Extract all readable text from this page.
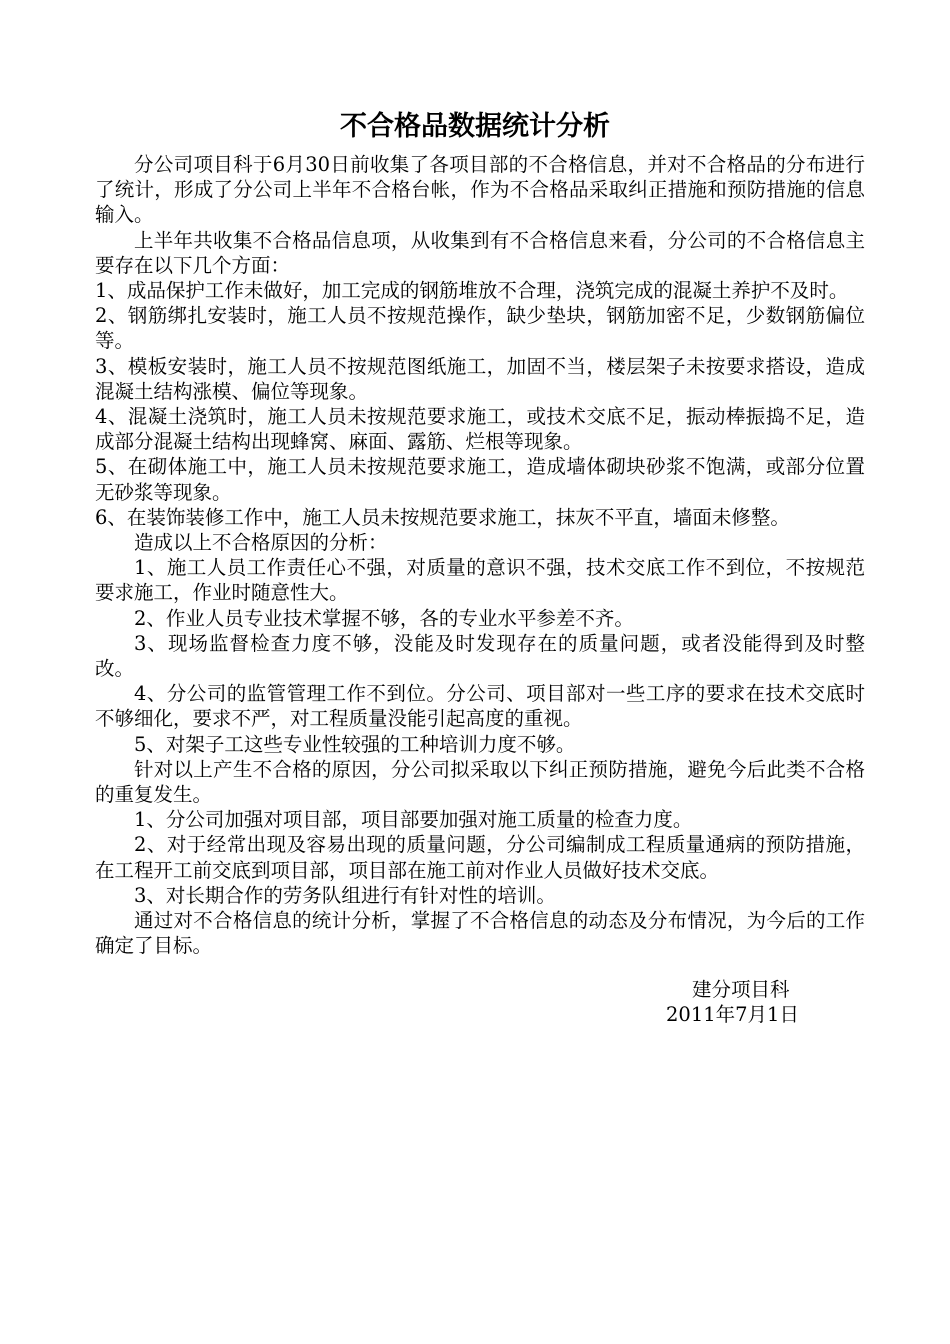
不合格品数据统计分析

分公司项目科于6月30日前收集了各项目部的不合格信息，并对不合格品的分布进行了统计，形成了分公司上半年不合格台帐，作为不合格品采取纠正措施和预防措施的信息输入。

上半年共收集不合格品信息项，从收集到有不合格信息来看，分公司的不合格信息主要存在以下几个方面：

1、成品保护工作未做好，加工完成的钢筋堆放不合理，浇筑完成的混凝土养护不及时。

2、钢筋绑扎安装时，施工人员不按规范操作，缺少垫块，钢筋加密不足，少数钢筋偏位等。

3、模板安装时，施工人员不按规范图纸施工，加固不当，楼层架子未按要求搭设，造成混凝土结构涨模、偏位等现象。

4、混凝土浇筑时，施工人员未按规范要求施工，或技术交底不足，振动棒振捣不足，造成部分混凝土结构出现蜂窝、麻面、露筋、烂根等现象。

5、在砌体施工中，施工人员未按规范要求施工，造成墙体砌块砂浆不饱满，或部分位置无砂浆等现象。

6、在装饰装修工作中，施工人员未按规范要求施工，抹灰不平直，墙面未修整。

造成以上不合格原因的分析：

1、施工人员工作责任心不强，对质量的意识不强，技术交底工作不到位，不按规范要求施工，作业时随意性大。

2、作业人员专业技术掌握不够，各的专业水平参差不齐。

3、现场监督检查力度不够，没能及时发现存在的质量问题，或者没能得到及时整改。

4、分公司的监管管理工作不到位。分公司、项目部对一些工序的要求在技术交底时不够细化，要求不严，对工程质量没能引起高度的重视。

5、对架子工这些专业性较强的工种培训力度不够。

针对以上产生不合格的原因，分公司拟采取以下纠正预防措施，避免今后此类不合格的重复发生。

1、分公司加强对项目部，项目部要加强对施工质量的检查力度。

2、对于经常出现及容易出现的质量问题，分公司编制成工程质量通病的预防措施，在工程开工前交底到项目部，项目部在施工前对作业人员做好技术交底。

3、对长期合作的劳务队组进行有针对性的培训。

通过对不合格信息的统计分析，掌握了不合格信息的动态及分布情况，为今后的工作确定了目标。

建分项目科

2011年7月1日
